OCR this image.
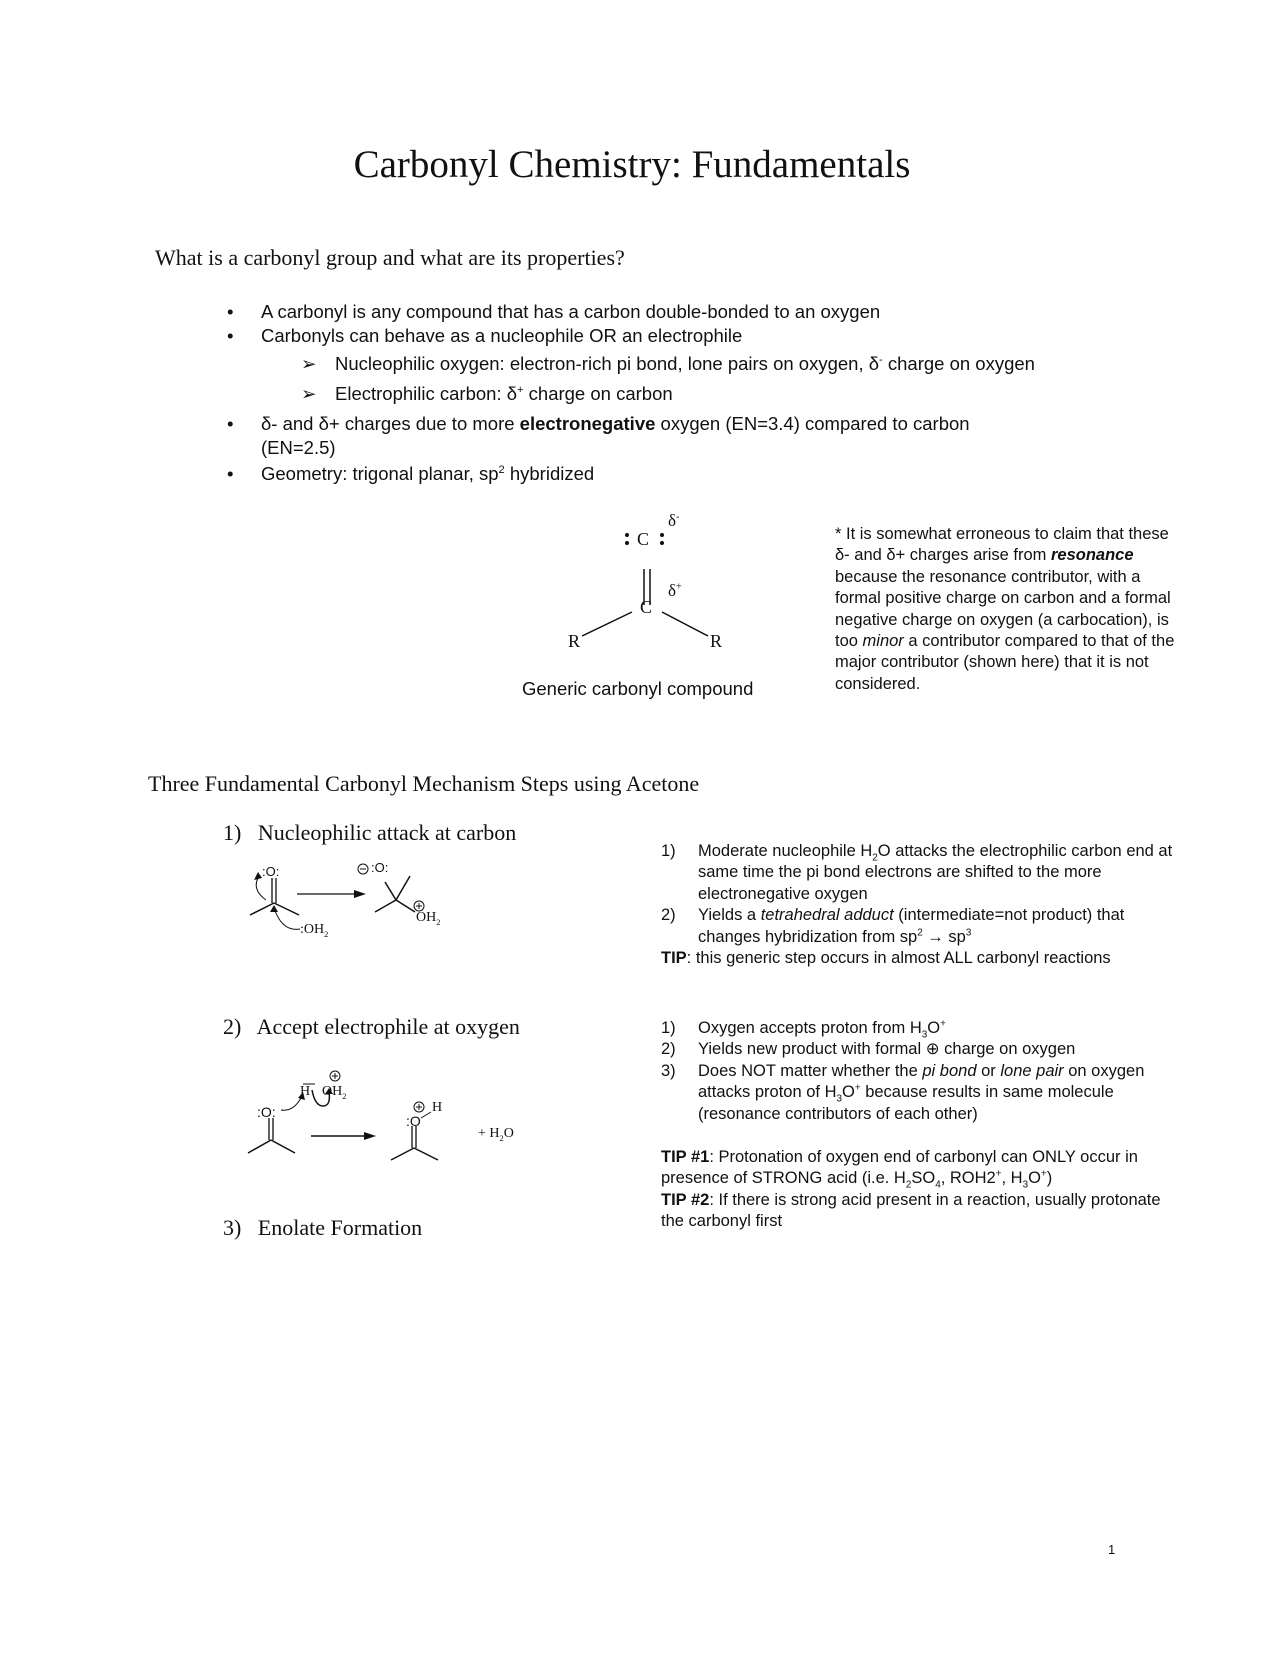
Carbonyl Chemistry: Fundamentals
What is a carbonyl group and what are its properties?
• A carbonyl is any compound that has a carbon double-bonded to an oxygen
• Carbonyls can behave as a nucleophile OR an electrophile
➢ Nucleophilic oxygen: electron-rich pi bond, lone pairs on oxygen, δ- charge on oxygen
➢ Electrophilic carbon: δ+ charge on carbon
• δ- and δ+ charges due to more electronegative oxygen (EN=3.4) compared to carbon
(EN=2.5)
• Geometry: trigonal planar, $sp^2$ hybridized
δ-
C
δ+
C
R	R
Generic carbonyl compound
* It is somewhat erroneous to claim that these δ- and δ+ charges arise from resonance because the resonance contributor, with a formal positive charge on carbon and a formal negative charge on oxygen (a carbocation), is too minor a contributor compared to that of the major contributor (shown here) that it is not considered.
Three Fundamental Carbonyl Mechanism Steps using Acetone
1)   Nucleophilic attack at carbon
2)   Accept electrophile at oxygen
3)   Enolate Formation
:O:
$:OH_2$
:O:
$OH_2$
H $OH_2$
:O:
:O
H
+ $H_2O$
1)	Moderate nucleophile $H_2O$ attacks the electrophilic carbon end at same time the pi bond electrons are shifted to the more electronegative oxygen
2)	Yields a tetrahedral adduct (intermediate=not product) that changes hybridization from $sp^2 \to sp^3$
TIP: this generic step occurs in almost ALL carbonyl reactions
1)	Oxygen accepts proton from $H_3O^+$
2)	Yields new product with formal ⊕ charge on oxygen
3)	Does NOT matter whether the pi bond or lone pair on oxygen attacks proton of $H_3O^+$ because results in same molecule (resonance contributors of each other)
TIP #1: Protonation of oxygen end of carbonyl can ONLY occur in presence of STRONG acid (i.e. $H_2SO_4$, ROH2+, $H_3O^+$)
TIP #2: If there is strong acid present in a reaction, usually protonate the carbonyl first
1
